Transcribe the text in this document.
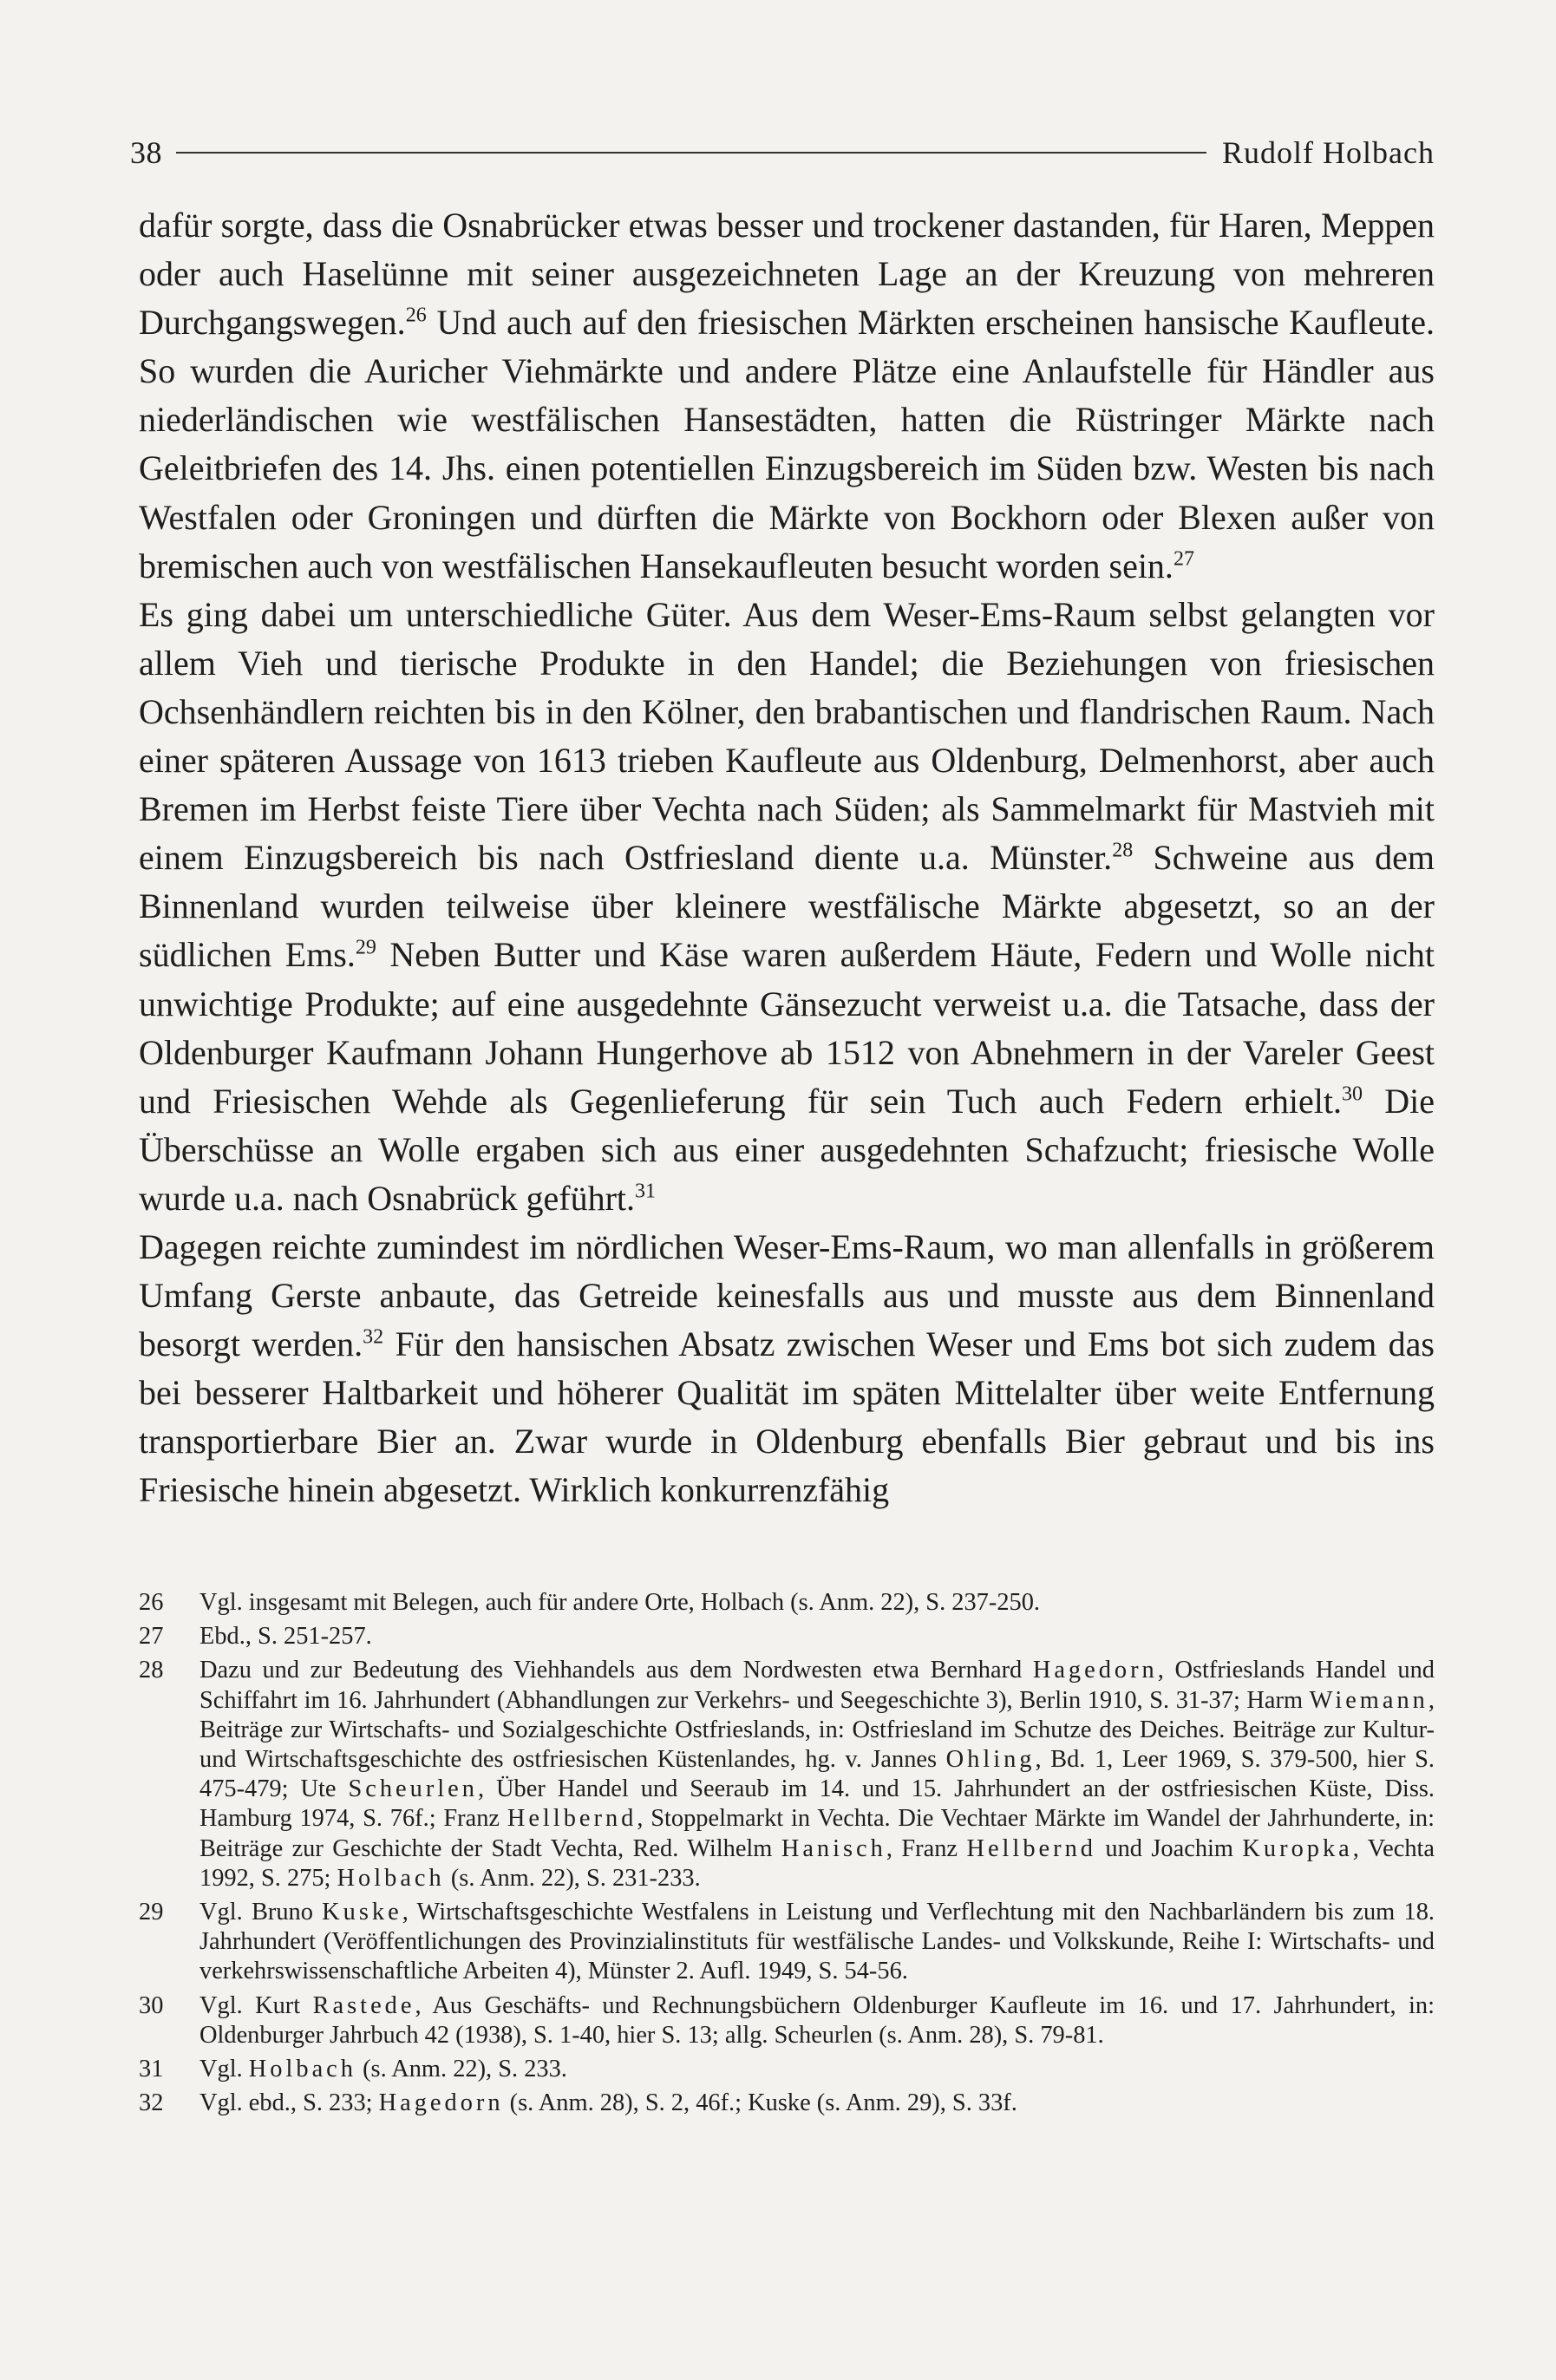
38	Rudolf Holbach

dafür sorgte, dass die Osnabrücker etwas besser und trockener dastanden, für Haren, Meppen oder auch Haselünne mit seiner ausgezeichneten Lage an der Kreuzung von mehreren Durchgangswegen.$^{26}$ Und auch auf den friesischen Märkten erscheinen hansische Kaufleute. So wurden die Auricher Viehmärkte und andere Plätze eine Anlaufstelle für Händler aus niederländischen wie westfälischen Hansestädten, hatten die Rüstringer Märkte nach Geleitbriefen des 14. Jhs. einen potentiellen Einzugsbereich im Süden bzw. Westen bis nach Westfalen oder Groningen und dürften die Märkte von Bockhorn oder Blexen außer von bremischen auch von westfälischen Hansekaufleuten besucht worden sein.$^{27}$

Es ging dabei um unterschiedliche Güter. Aus dem Weser-Ems-Raum selbst gelangten vor allem Vieh und tierische Produkte in den Handel; die Beziehungen von friesischen Ochsenhändlern reichten bis in den Kölner, den brabantischen und flandrischen Raum. Nach einer späteren Aussage von 1613 trieben Kaufleute aus Oldenburg, Delmenhorst, aber auch Bremen im Herbst feiste Tiere über Vechta nach Süden; als Sammelmarkt für Mastvieh mit einem Einzugsbereich bis nach Ostfriesland diente u.a. Münster.$^{28}$ Schweine aus dem Binnenland wurden teilweise über kleinere westfälische Märkte abgesetzt, so an der südlichen Ems.$^{29}$ Neben Butter und Käse waren außerdem Häute, Federn und Wolle nicht unwichtige Produkte; auf eine ausgedehnte Gänsezucht verweist u.a. die Tatsache, dass der Oldenburger Kaufmann Johann Hungerhove ab 1512 von Abnehmern in der Vareler Geest und Friesischen Wehde als Gegenlieferung für sein Tuch auch Federn erhielt.$^{30}$ Die Überschüsse an Wolle ergaben sich aus einer ausgedehnten Schafzucht; friesische Wolle wurde u.a. nach Osnabrück geführt.$^{31}$

Dagegen reichte zumindest im nördlichen Weser-Ems-Raum, wo man allenfalls in größerem Umfang Gerste anbaute, das Getreide keinesfalls aus und musste aus dem Binnenland besorgt werden.$^{32}$ Für den hansischen Absatz zwischen Weser und Ems bot sich zudem das bei besserer Haltbarkeit und höherer Qualität im späten Mittelalter über weite Entfernung transportierbare Bier an. Zwar wurde in Oldenburg ebenfalls Bier gebraut und bis ins Friesische hinein abgesetzt. Wirklich konkurrenzfähig

26	Vgl. insgesamt mit Belegen, auch für andere Orte, Holbach (s. Anm. 22), S. 237-250.
27	Ebd., S. 251-257.
28	Dazu und zur Bedeutung des Viehhandels aus dem Nordwesten etwa Bernhard Hagedorn, Ostfrieslands Handel und Schiffahrt im 16. Jahrhundert (Abhandlungen zur Verkehrs- und Seegeschichte 3), Berlin 1910, S. 31-37; Harm Wiemann, Beiträge zur Wirtschafts- und Sozialgeschichte Ostfrieslands, in: Ostfriesland im Schutze des Deiches. Beiträge zur Kultur- und Wirtschaftsgeschichte des ostfriesischen Küstenlandes, hg. v. Jannes Ohling, Bd. 1, Leer 1969, S. 379-500, hier S. 475-479; Ute Scheurlen, Über Handel und Seeraub im 14. und 15. Jahrhundert an der ostfriesischen Küste, Diss. Hamburg 1974, S. 76f.; Franz Hellbernd, Stoppelmarkt in Vechta. Die Vechtaer Märkte im Wandel der Jahrhunderte, in: Beiträge zur Geschichte der Stadt Vechta, Red. Wilhelm Hanisch, Franz Hellbernd und Joachim Kuropka, Vechta 1992, S. 275; Holbach (s. Anm. 22), S. 231-233.
29	Vgl. Bruno Kuske, Wirtschaftsgeschichte Westfalens in Leistung und Verflechtung mit den Nachbarländern bis zum 18. Jahrhundert (Veröffentlichungen des Provinzialinstituts für westfälische Landes- und Volkskunde, Reihe I: Wirtschafts- und verkehrswissenschaftliche Arbeiten 4), Münster 2. Aufl. 1949, S. 54-56.
30	Vgl. Kurt Rastede, Aus Geschäfts- und Rechnungsbüchern Oldenburger Kaufleute im 16. und 17. Jahrhundert, in: Oldenburger Jahrbuch 42 (1938), S. 1-40, hier S. 13; allg. Scheurlen (s. Anm. 28), S. 79-81.
31	Vgl. Holbach (s. Anm. 22), S. 233.
32	Vgl. ebd., S. 233; Hagedorn (s. Anm. 28), S. 2, 46f.; Kuske (s. Anm. 29), S. 33f.
